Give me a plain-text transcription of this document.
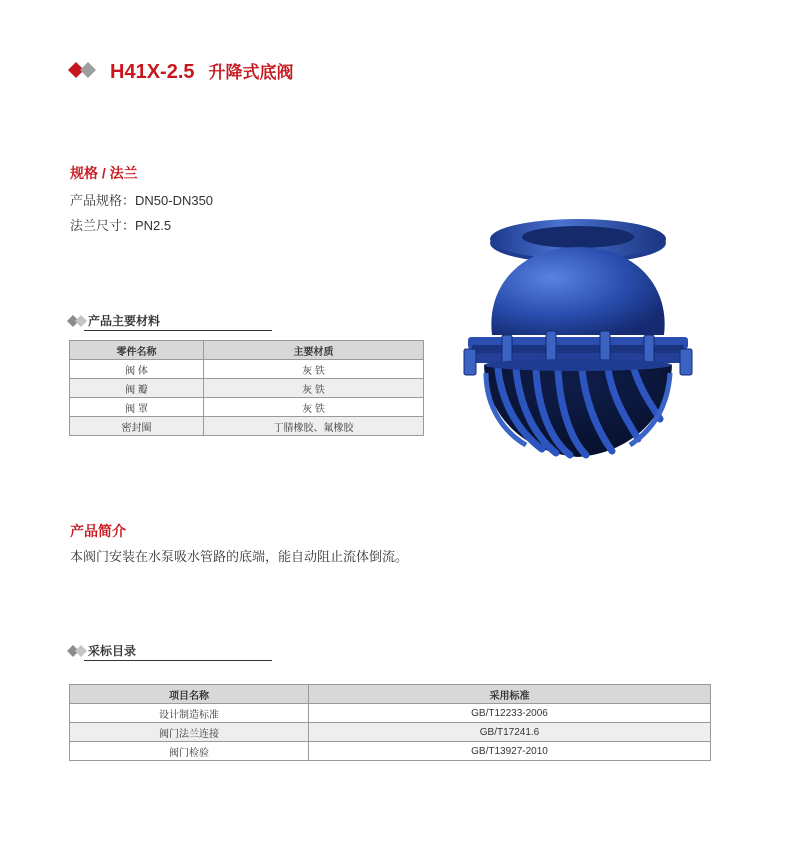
H41X-2.5 升降式底阀
规格 / 法兰
产品规格：DN50-DN350
法兰尺寸：PN2.5
产品主要材料
零件名称	主要材质
阀 体	灰 铁
阀 瓣	灰 铁
阀 罩	灰 铁
密封圈	丁腈橡胶、氟橡胶
产品简介
本阀门安装在水泵吸水管路的底端，能自动阻止流体倒流。
采标目录
项目名称	采用标准
设计制造标准	GB/T12233-2006
阀门法兰连接	GB/T17241.6
阀门检验	GB/T13927-2010
